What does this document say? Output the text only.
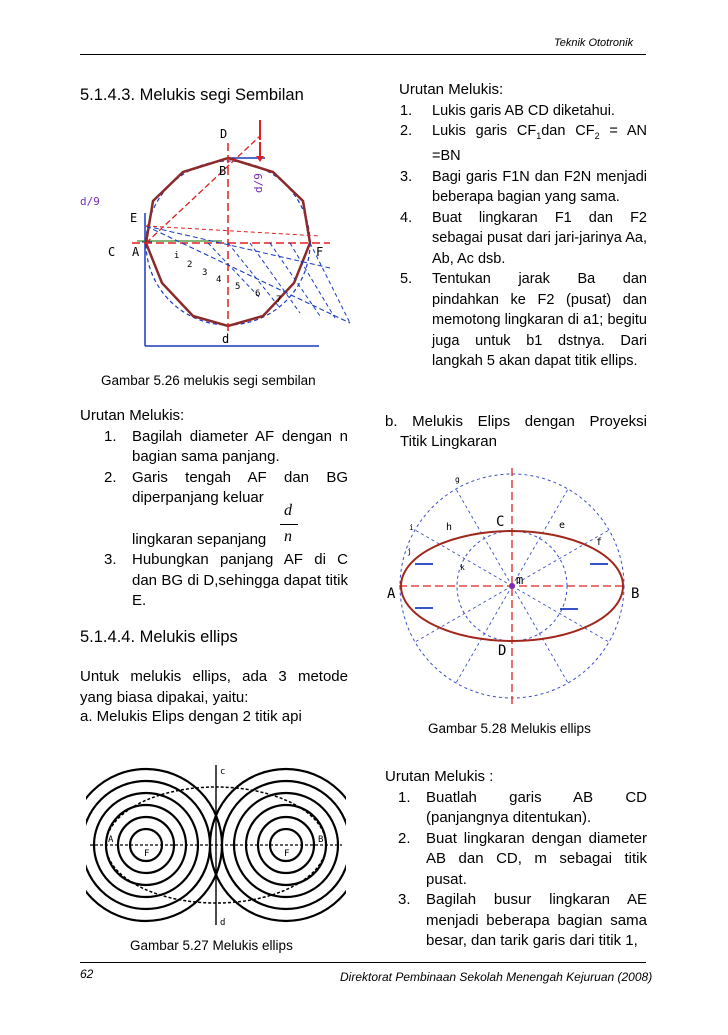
Teknik Ototronik
5.1.4.3. Melukis segi Sembilan
D
B
d/9
d/9
E
C A	F
d
i
2
3
4
5
6
7
Gambar 5.26 melukis segi sembilan
Urutan Melukis:
1. Bagilah diameter AF dengan n bagian sama panjang.
2. Garis tengah AF dan BG diperpanjang keluar
lingkaran sepanjang
3. Hubungkan panjang AF di C dan BG di D,sehingga dapat titik E.
d
n
5.1.4.4. Melukis ellips
Untuk melukis ellips, ada 3 metode yang biasa dipakai, yaitu:
a. Melukis Elips dengan 2 titik api
c
d
A	B
F	F
Gambar 5.27 Melukis ellips
Urutan Melukis:
1. Lukis garis AB CD diketahui.
2. Lukis garis $CF_1dan$ $CF_2$ = AN =BN
3. Bagi garis F1N dan F2N menjadi beberapa bagian yang sama.
4. Buat lingkaran F1 dan F2 sebagai pusat dari jari-jarinya Aa, Ab, Ac dsb.
5. Tentukan jarak Ba dan pindahkan ke F2 (pusat) dan memotong lingkaran di a1; begitu juga untuk b1 dstnya. Dari langkah 5 akan dapat titik ellips.
b. Melukis Elips dengan Proyeksi
Titik Lingkaran
C
D
A	B
m
h	e
f
g
i
j
k
Gambar 5.28 Melukis ellips
Urutan Melukis :
1. Buatlah garis AB CD (panjangnya ditentukan).
2. Buat lingkaran dengan diameter AB dan CD, m sebagai titik pusat.
3. Bagilah busur lingkaran AE menjadi beberapa bagian sama besar, dan tarik garis dari titik 1,
62	Direktorat Pembinaan Sekolah Menengah Kejuruan (2008)
